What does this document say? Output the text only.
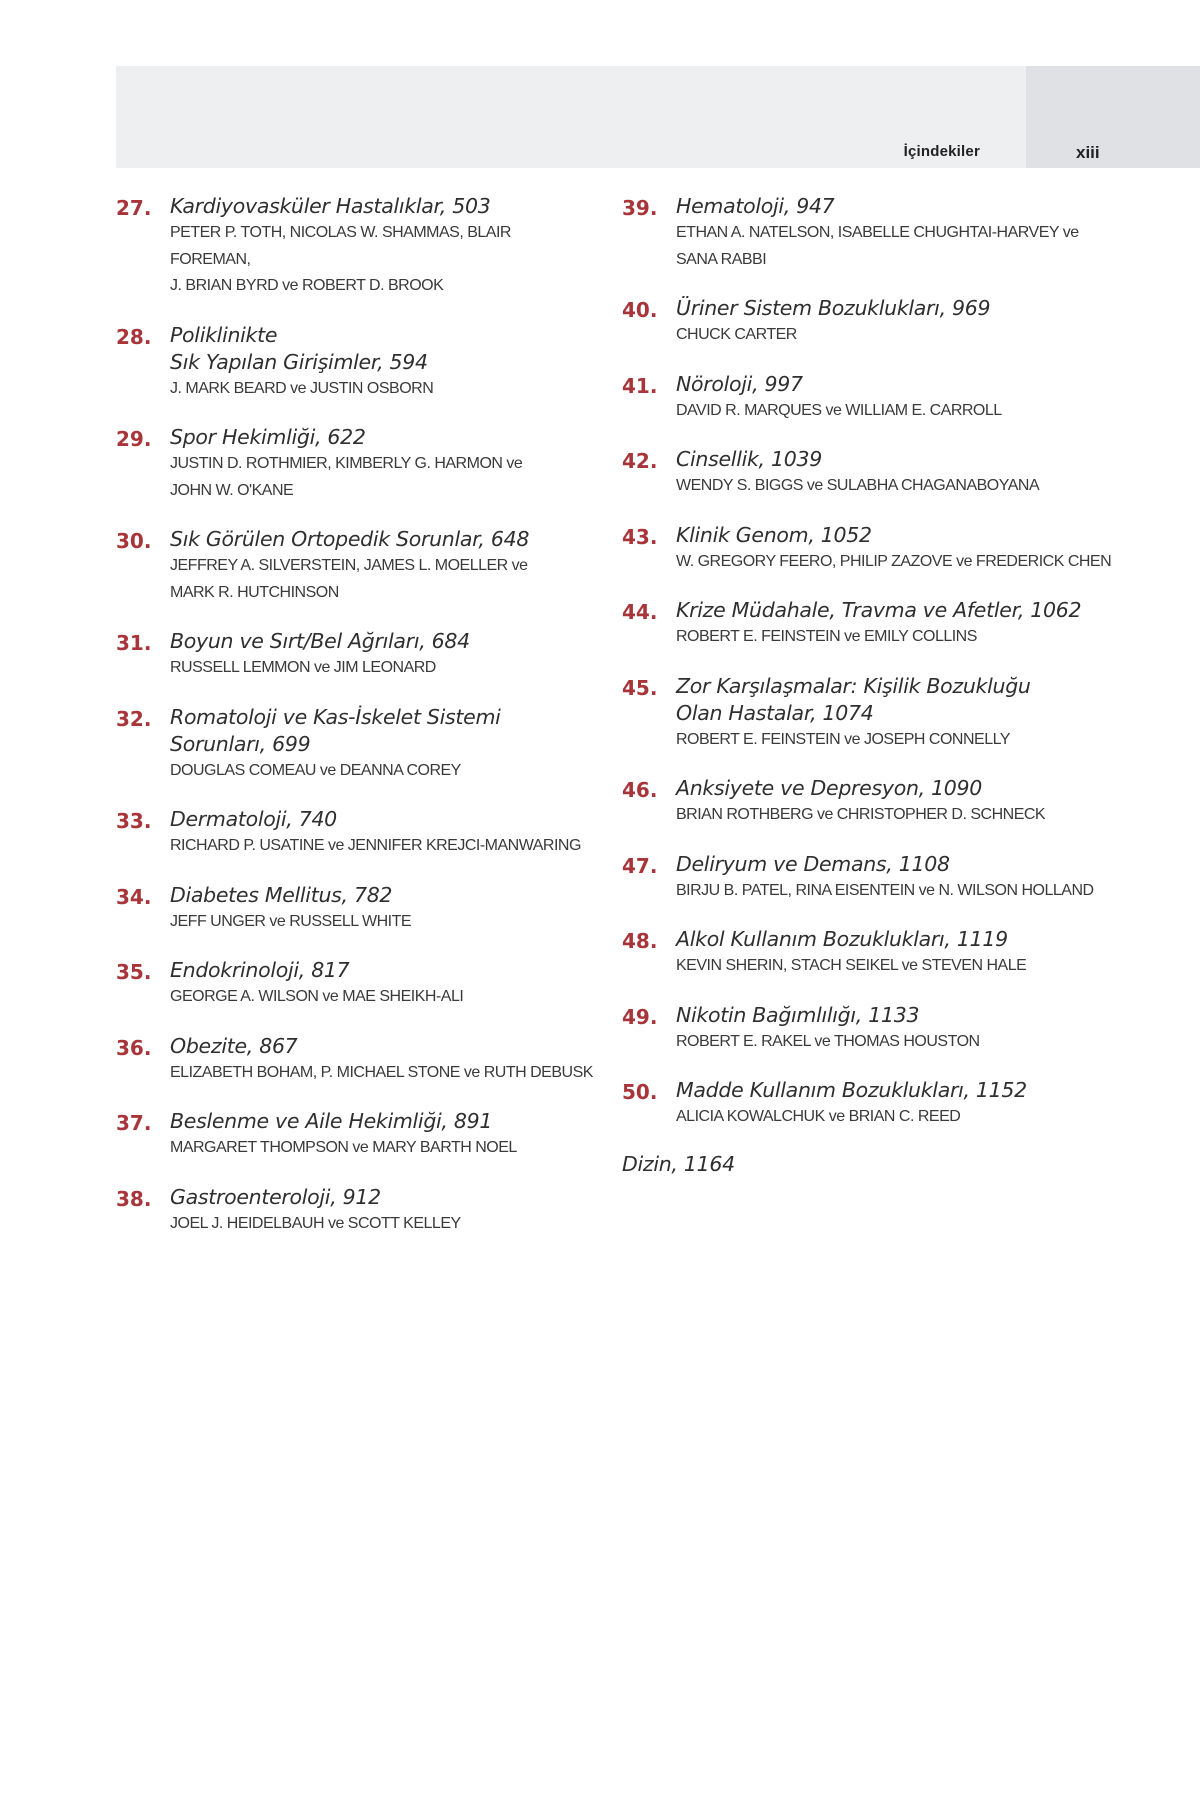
İçindekiler	xiii
27. Kardiyovasküler Hastalıklar, 503
PETER P. TOTH, NICOLAS W. SHAMMAS, BLAIR FOREMAN,
J. BRIAN BYRD ve ROBERT D. BROOK
28. Poliklinikte
Sık Yapılan Girişimler, 594
J. MARK BEARD ve JUSTIN OSBORN
29. Spor Hekimliği, 622
JUSTIN D. ROTHMIER, KIMBERLY G. HARMON ve
JOHN W. O'KANE
30. Sık Görülen Ortopedik Sorunlar, 648
JEFFREY A. SILVERSTEIN, JAMES L. MOELLER ve
MARK R. HUTCHINSON
31. Boyun ve Sırt/Bel Ağrıları, 684
RUSSELL LEMMON ve JIM LEONARD
32. Romatoloji ve Kas-İskelet Sistemi
Sorunları, 699
DOUGLAS COMEAU ve DEANNA COREY
33. Dermatoloji, 740
RICHARD P. USATINE ve JENNIFER KREJCI-MANWARING
34. Diabetes Mellitus, 782
JEFF UNGER ve RUSSELL WHITE
35. Endokrinoloji, 817
GEORGE A. WILSON ve MAE SHEIKH-ALI
36. Obezite, 867
ELIZABETH BOHAM, P. MICHAEL STONE ve RUTH DEBUSK
37. Beslenme ve Aile Hekimliği, 891
MARGARET THOMPSON ve MARY BARTH NOEL
38. Gastroenteroloji, 912
JOEL J. HEIDELBAUH ve SCOTT KELLEY
39. Hematoloji, 947
ETHAN A. NATELSON, ISABELLE CHUGHTAI-HARVEY ve
SANA RABBI
40. Üriner Sistem Bozuklukları, 969
CHUCK CARTER
41. Nöroloji, 997
DAVID R. MARQUES ve WILLIAM E. CARROLL
42. Cinsellik, 1039
WENDY S. BIGGS ve SULABHA CHAGANABOYANA
43. Klinik Genom, 1052
W. GREGORY FEERO, PHILIP ZAZOVE ve FREDERICK CHEN
44. Krize Müdahale, Travma ve Afetler, 1062
ROBERT E. FEINSTEIN ve EMILY COLLINS
45. Zor Karşılaşmalar: Kişilik Bozukluğu
Olan Hastalar, 1074
ROBERT E. FEINSTEIN ve JOSEPH CONNELLY
46. Anksiyete ve Depresyon, 1090
BRIAN ROTHBERG ve CHRISTOPHER D. SCHNECK
47. Deliryum ve Demans, 1108
BIRJU B. PATEL, RINA EISENTEIN ve N. WILSON HOLLAND
48. Alkol Kullanım Bozuklukları, 1119
KEVIN SHERIN, STACH SEIKEL ve STEVEN HALE
49. Nikotin Bağımlılığı, 1133
ROBERT E. RAKEL ve THOMAS HOUSTON
50. Madde Kullanım Bozuklukları, 1152
ALICIA KOWALCHUK ve BRIAN C. REED
Dizin, 1164
